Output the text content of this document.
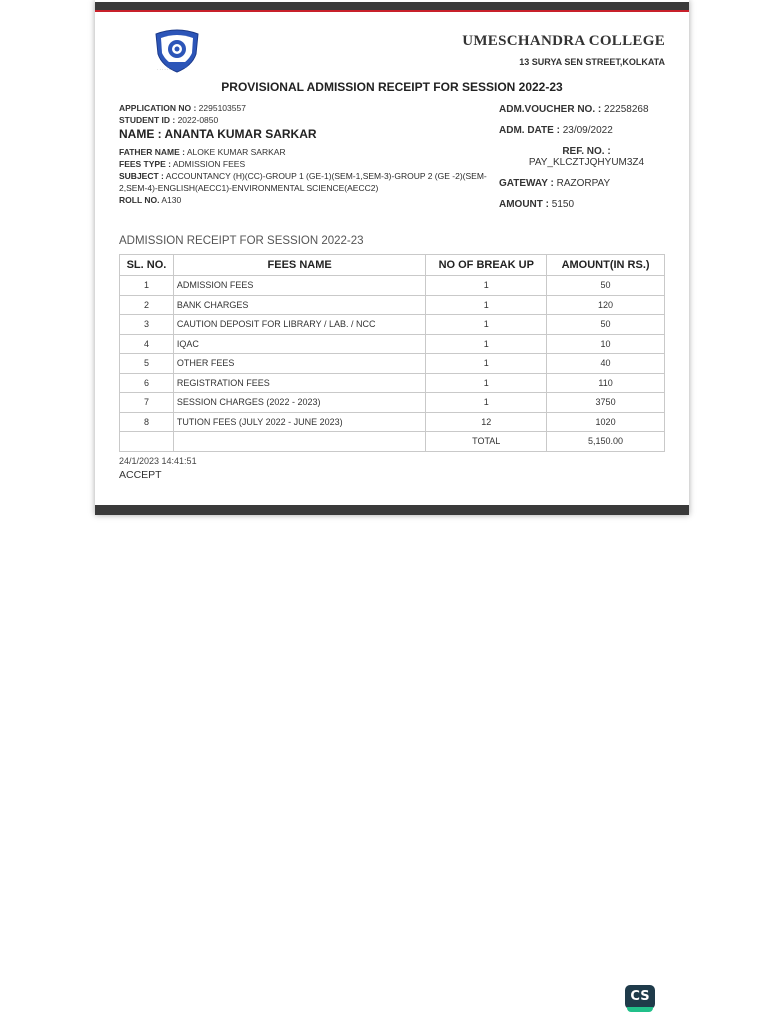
· · · · · · ·
UMESCHANDRA COLLEGE
13 SURYA SEN STREET,KOLKATA
PROVISIONAL ADMISSION RECEIPT FOR SESSION 2022-23
APPLICATION NO : 2295103557
STUDENT ID : 2022-0850
NAME : ANANTA KUMAR SARKAR
FATHER NAME : ALOKE KUMAR SARKAR
FEES TYPE : ADMISSION FEES
SUBJECT : ACCOUNTANCY (H)(CC)-GROUP 1 (GE-1)(SEM-1,SEM-3)-GROUP 2 (GE -2)(SEM-2,SEM-4)-ENGLISH(AECC1)-ENVIRONMENTAL SCIENCE(AECC2)
ROLL NO. A130
ADM.VOUCHER NO. : 22258268
ADM. DATE : 23/09/2022
REF. NO. :
PAY_KLCZTJQHYUM3Z4
GATEWAY : RAZORPAY
AMOUNT : 5150
ADMISSION RECEIPT FOR SESSION 2022-23
SL. NO.	FEES NAME	NO OF BREAK UP	AMOUNT(IN RS.)
1	ADMISSION FEES	1	50
2	BANK CHARGES	1	120
3	CAUTION DEPOSIT FOR LIBRARY / LAB. / NCC	1	50
4	IQAC	1	10
5	OTHER FEES	1	40
6	REGISTRATION FEES	1	110
7	SESSION CHARGES (2022 - 2023)	1	3750
8	TUTION FEES (JULY 2022 - JUNE 2023)	12	1020
		TOTAL	5,150.00
24/1/2023 14:41:51
ACCEPT
CS
